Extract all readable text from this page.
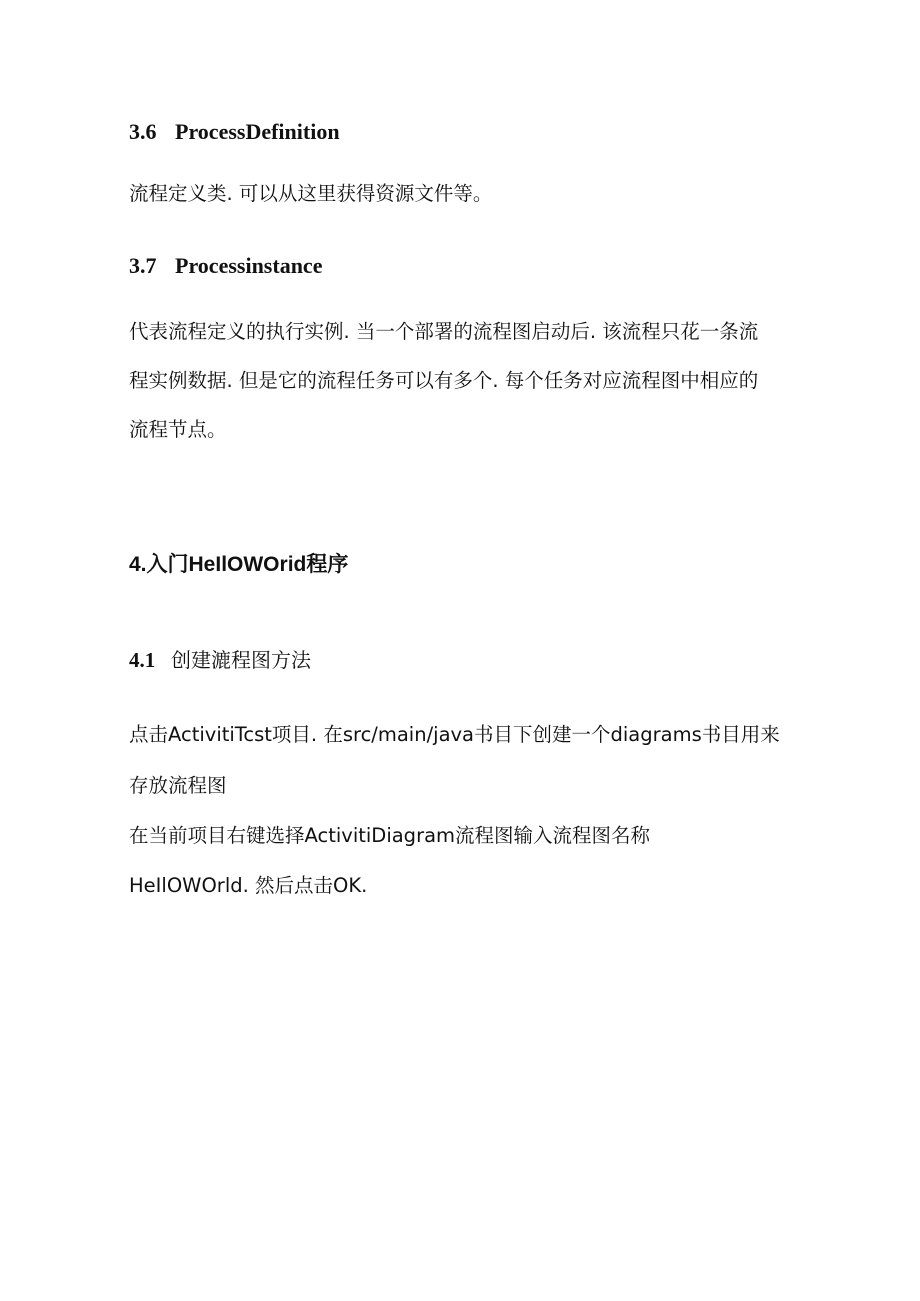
3.6 ProcessDefinition
流程定义类. 可以从这里获得资源文件等。
3.7 Processinstance
代表流程定义的执行实例. 当一个部署的流程图启动后. 该流程只花一条流
程实例数据. 但是它的流程任务可以有多个. 每个任务对应流程图中相应的
流程节点。
4.入门HeIlOWOrid程序
4.1 创建漉程图方法
点击ActivitiTcst项目. 在src/main/java书目下创建一个diagrams书目用来
存放流程图
在当前项目右键选择ActivitiDiagram流程图输入流程图名称
HeIlOWOrld. 然后点击OK.
